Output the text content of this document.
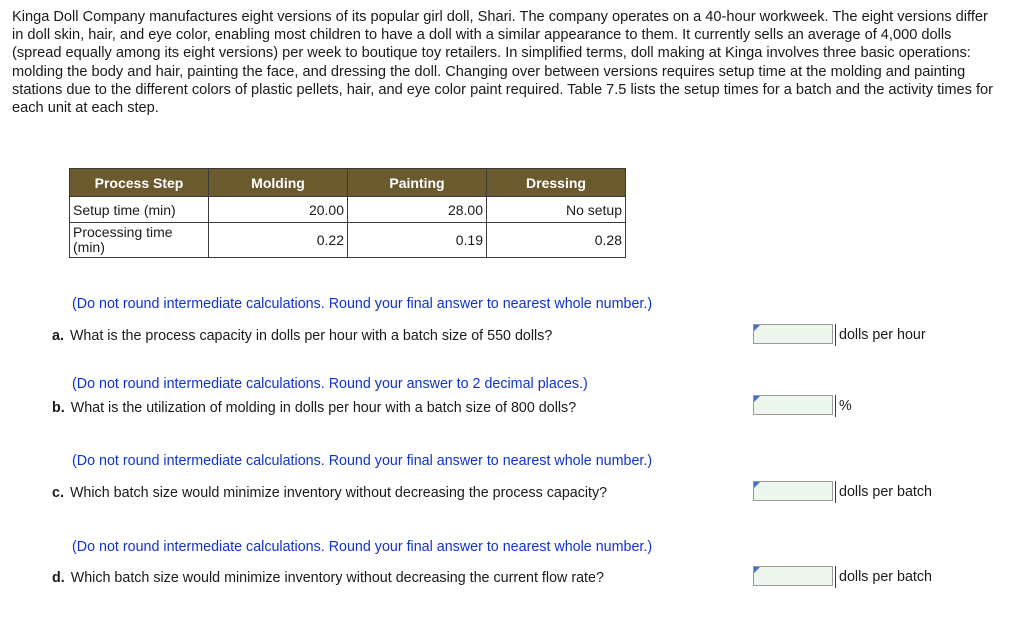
Kinga Doll Company manufactures eight versions of its popular girl doll, Shari. The company operates on a 40-hour workweek. The eight versions differ in doll skin, hair, and eye color, enabling most children to have a doll with a similar appearance to them. It currently sells an average of 4,000 dolls (spread equally among its eight versions) per week to boutique toy retailers. In simplified terms, doll making at Kinga involves three basic operations: molding the body and hair, painting the face, and dressing the doll. Changing over between versions requires setup time at the molding and painting stations due to the different colors of plastic pellets, hair, and eye color paint required. Table 7.5 lists the setup times for a batch and the activity times for each unit at each step.

Process Step	Molding	Painting	Dressing
Setup time (min)	20.00	28.00	No setup

Processing time (min)	0.22	0.19	0.28

(Do not round intermediate calculations. Round your final answer to nearest whole number.)

a. What is the process capacity in dolls per hour with a batch size of 550 dolls?	dolls per hour

(Do not round intermediate calculations. Round your answer to 2 decimal places.)

b. What is the utilization of molding in dolls per hour with a batch size of 800 dolls?	%

(Do not round intermediate calculations. Round your final answer to nearest whole number.)

c. Which batch size would minimize inventory without decreasing the process capacity?	dolls per batch

(Do not round intermediate calculations. Round your final answer to nearest whole number.)

d. Which batch size would minimize inventory without decreasing the current flow rate?	dolls per batch
